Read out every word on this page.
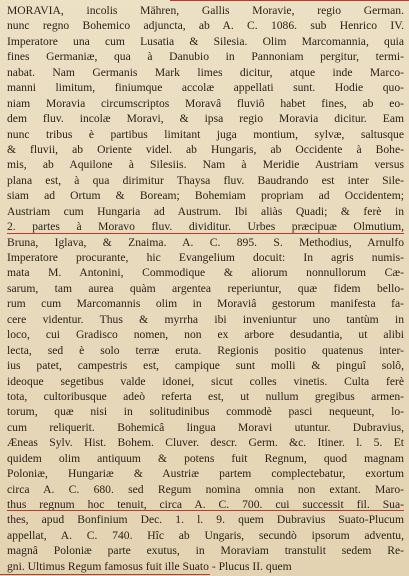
MORAVIA, incolis Mähren, Gallis Moravie, regio German.
nunc regno Bohemico adjuncta, ab A. C. 1086. sub Henrico IV.
Imperatore una cum Lusatia & Silesia. Olim Marcomannia, quia
fines Germaniæ, qua à Danubio in Pannoniam pergitur, termi-
nabat. Nam Germanis Mark limes dicitur, atque inde Marco-
manni limitum, finiumque accolæ appellati sunt. Hodie quo-
niam Moravia circumscriptos Moravâ fluviô habet fines, ab eo-
dem fluv. incolæ Moravi, & ipsa regio Moravia dicitur. Eam
nunc tribus è partibus limitant juga montium, sylvæ, saltusque
& fluvii, ab Oriente videl. ab Hungaris, ab Occidente à Bohe-
mis, ab Aquilone à Silesiis. Nam à Meridie Austriam versus
plana est, à qua dirimitur Thaysa fluv. Baudrando est inter Sile-
siam ad Ortum & Boream; Bohemiam propriam ad Occidentem;
Austriam cum Hungaria ad Austrum. Ibi aliàs Quadi; & ferè in
2. partes à Moravo fluv. dividitur. Urbes præcipuæ Olmutium,
Bruna, Iglava, & Znaima. A. C. 895. S. Methodius, Arnulfo
Imperatore procurante, hic Evangelium docuit: In agris numis-
mata M. Antonini, Commodique & aliorum nonnullorum Cæ-
sarum, tam aurea quàm argentea reperiuntur, quæ fidem bello-
rum cum Marcomannis olim in Moraviâ gestorum manifesta fa-
cere videntur. Thus & myrrha ibi inveniuntur uno tantùm in
loco, cui Gradisco nomen, non ex arbore desudantia, ut alibi
lecta, sed è solo terræ eruta. Regionis positio quatenus inter-
ius patet, campestris est, campique sunt molli & pinguî solô,
ideoque segetibus valde idonei, sicut colles vinetis. Culta ferè
tota, cultoribusque adeò referta est, ut nullum gregibus armen-
torum, quæ nisi in solitudinibus commodè pasci nequeunt, lo-
cum reliquerit. Bohemicâ lingua Moravi utuntur. Dubravius,
Æneas Sylv. Hist. Bohem. Cluver. descr. Germ. &c. Itiner. l. 5. Et
quidem olim antiquum & potens fuit Regnum, quod magnam
Poloniæ, Hungariæ & Austriæ partem complectebatur, exortum
circa A. C. 680. sed Regum nomina omnia non extant. Maro-
thus regnum hoc tenuit, circa A. C. 700. cui successit fil. Sua-
thes, apud Bonfinium Dec. 1. l. 9. quem Dubravius Suato-Plucum
appellat, A. C. 740. Hîc ab Ungaris, secundò ipsorum adventu,
magnâ Poloniæ parte exutus, in Moraviam transtulit sedem Re-
gni. Ultimus Regum famosus fuit ille Suato - Plucus II. quem
